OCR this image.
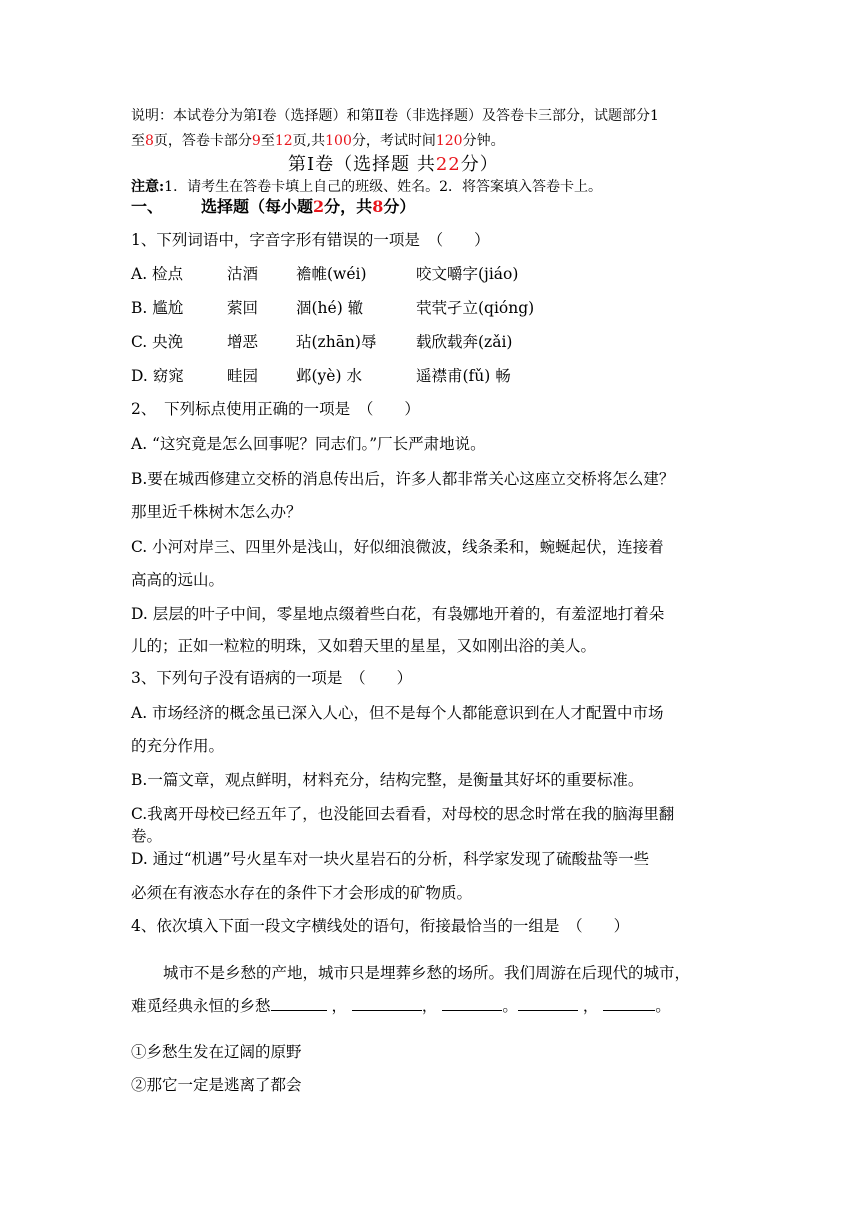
说明：本试卷分为第Ⅰ卷（选择题）和第Ⅱ卷（非选择题）及答卷卡三部分，试题部分1
至8页，答卷卡部分9至12页,共100分，考试时间120分钟。
第Ⅰ卷（选择题 共22分）
注意:1．请考生在答卷卡填上自己的班级、姓名。2．将答案填入答卷卡上。
一、 选择题（每小题2分，共8分）
1、下列词语中，字音字形有错误的一项是　（　　）
A. 检点	沽酒 襜帷(wéi)	咬文嚼字(jiáo)
B. 尴尬	萦回 涸(hé) 辙	茕茕孑立(qióng)
C. 央浼	增恶 玷(zhān)辱	载欣载奔(zǎi)
D. 窈窕	畦园 邺(yè) 水	遥襟甫(fǔ) 畅
2、　下列标点使用正确的一项是　（　　）
A. “这究竟是怎么回事呢？同志们。”厂长严肃地说。
B.要在城西修建立交桥的消息传出后，许多人都非常关心这座立交桥将怎么建？
那里近千株树木怎么办？
C. 小河对岸三、四里外是浅山，好似细浪微波，线条柔和，蜿蜒起伏，连接着
高高的远山。
D. 层层的叶子中间，零星地点缀着些白花，有袅娜地开着的，有羞涩地打着朵
儿的；正如一粒粒的明珠，又如碧天里的星星，又如刚出浴的美人。
3、下列句子没有语病的一项是　（　　）
A. 市场经济的概念虽已深入人心，但不是每个人都能意识到在人才配置中市场
的充分作用。
B.一篇文章，观点鲜明，材料充分，结构完整，是衡量其好坏的重要标准。
C.我离开母校已经五年了，也没能回去看看，对母校的思念时常在我的脑海里翻
卷。
D. 通过“机遇”号火星车对一块火星岩石的分析，科学家发现了硫酸盐等一些
必须在有液态水存在的条件下才会形成的矿物质。
4、依次填入下面一段文字横线处的语句，衔接最恰当的一组是　（　　）
城市不是乡愁的产地，城市只是埋葬乡愁的场所。我们周游在后现代的城市，
难觅经典永恒的乡愁	，	，	。	，	。
①乡愁生发在辽阔的原野
②那它一定是逃离了都会
